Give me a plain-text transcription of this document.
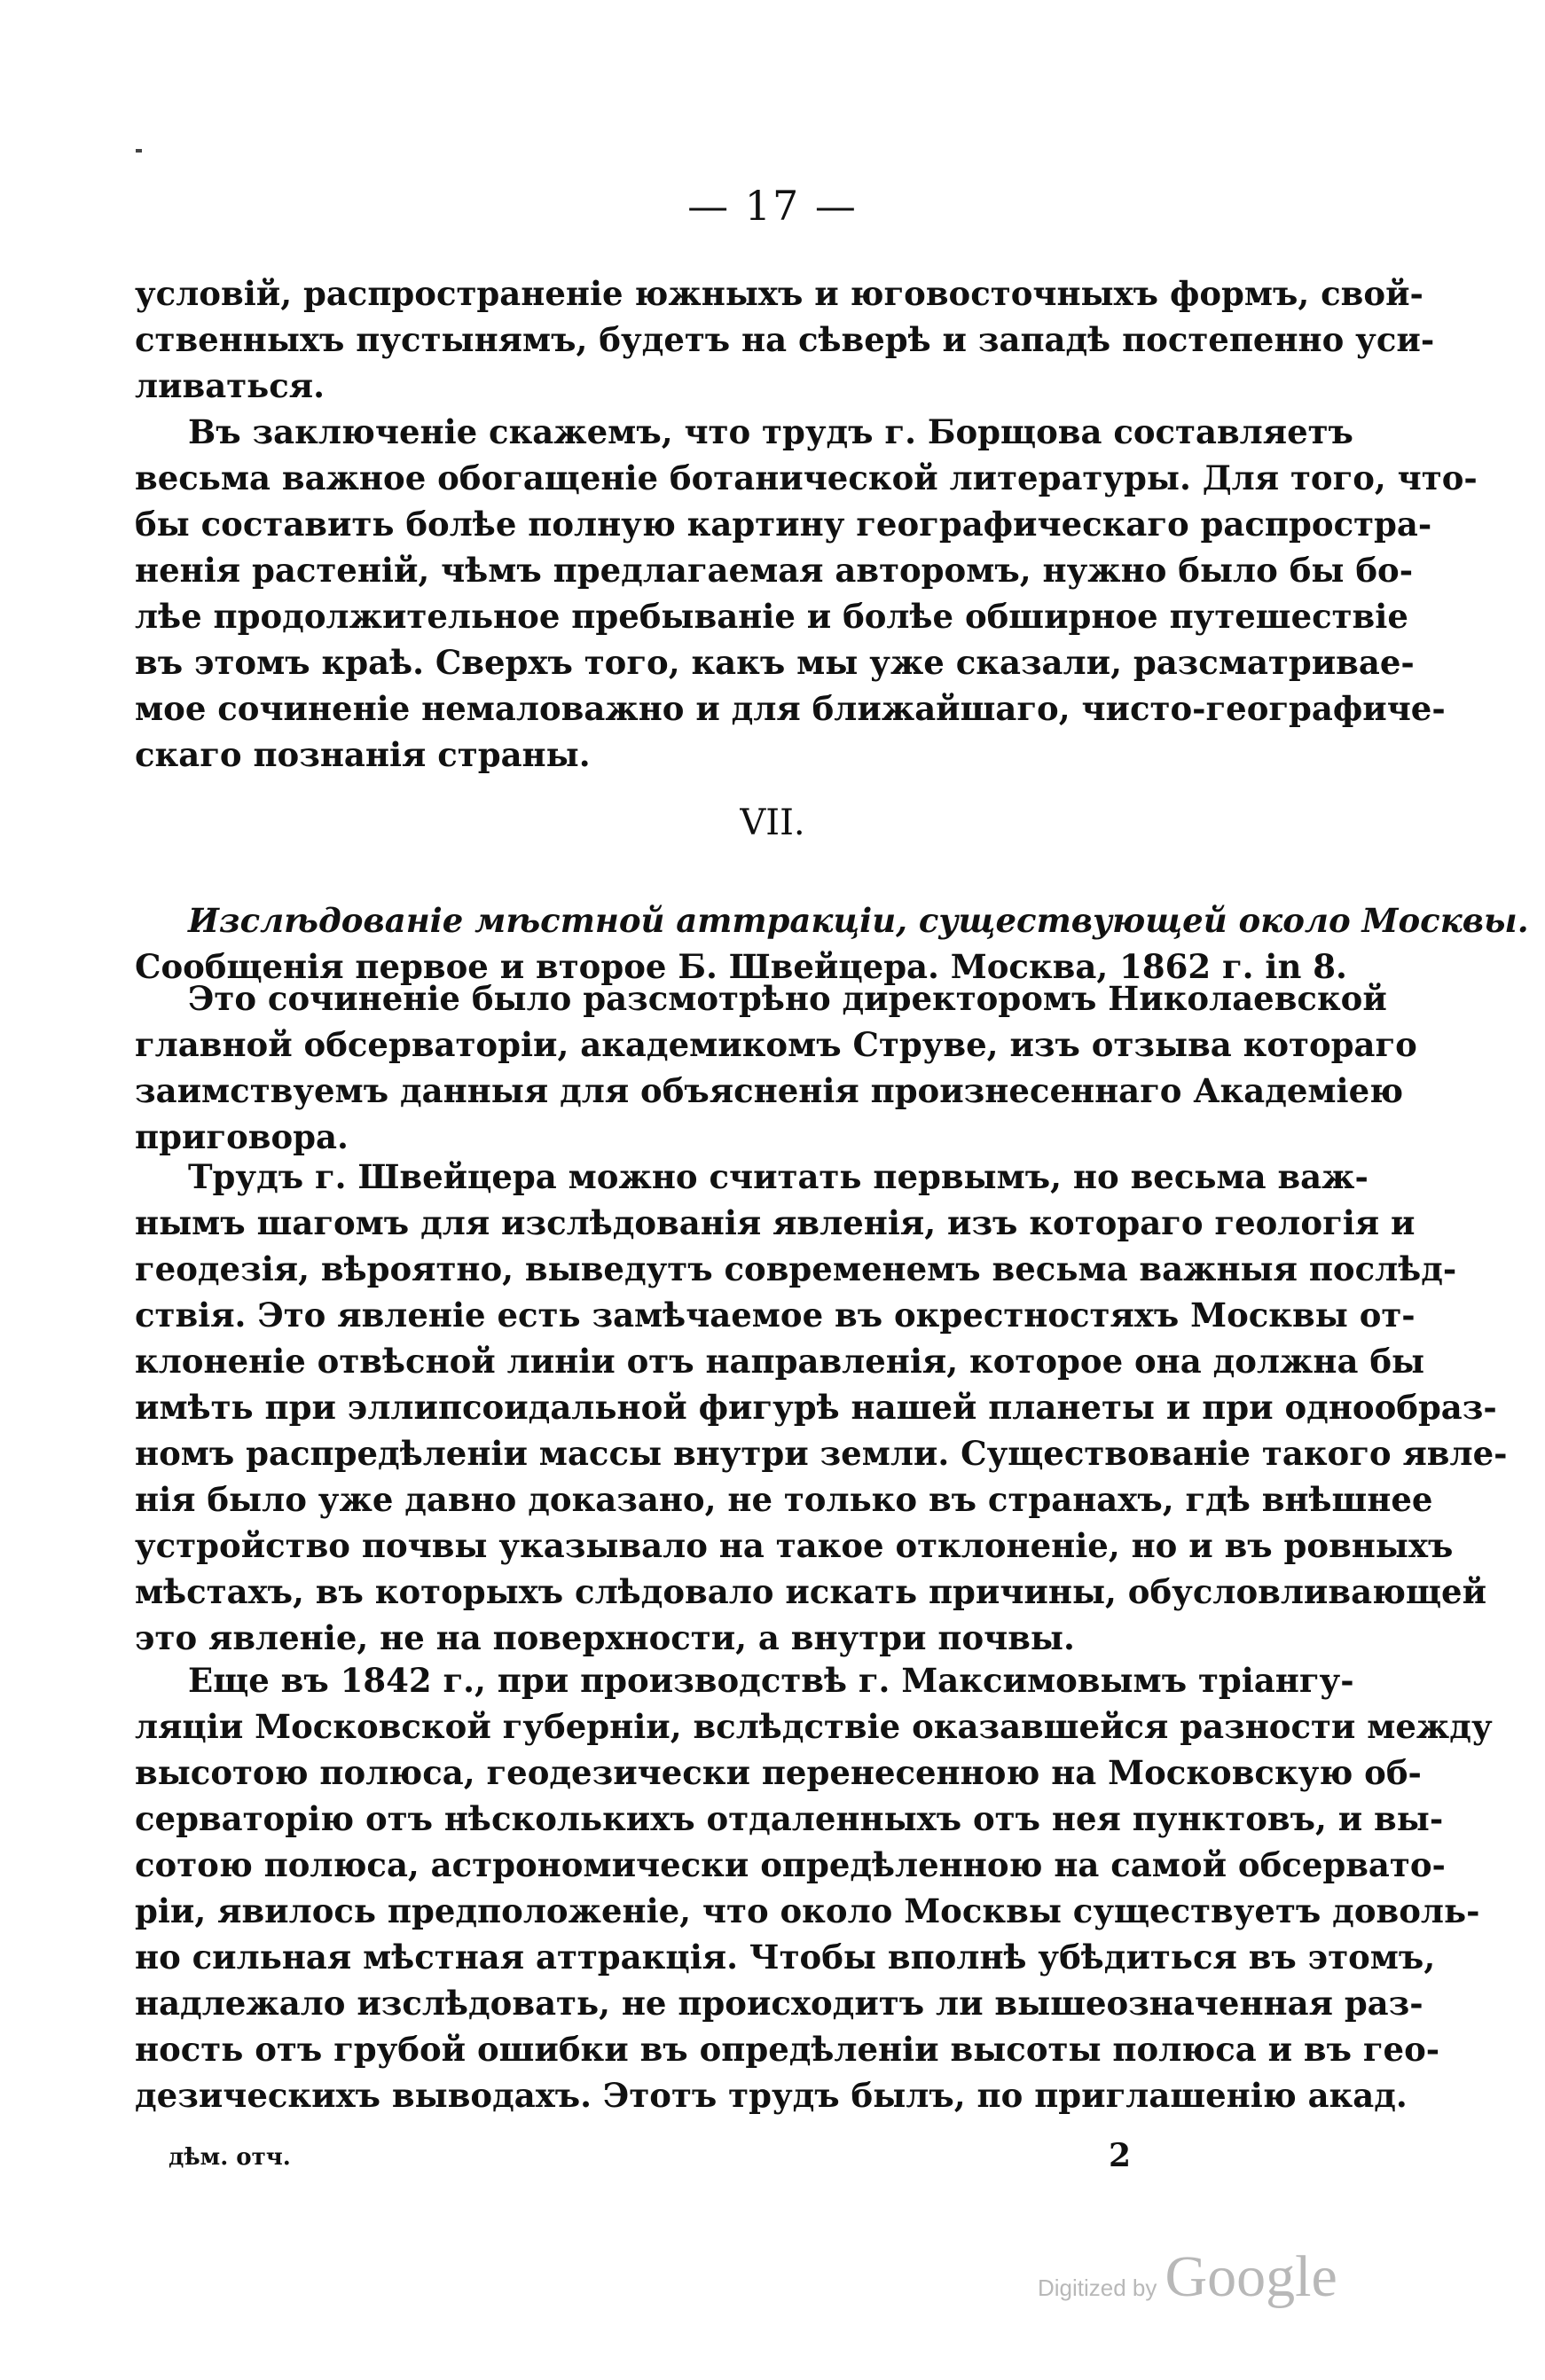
— 17 —
условій, распространеніе южныхъ и юговосточныхъ формъ, свой-
ственныхъ пустынямъ, будетъ на сѣверѣ и западѣ постепенно уси-
ливаться.
Въ заключеніе скажемъ, что трудъ г. Борщова составляетъ
весьма важное обогащеніе ботанической литературы. Для того, что-
бы составить болѣе полную картину географическаго распростра-
ненія растеній, чѣмъ предлагаемая авторомъ, нужно было бы бо-
лѣе продолжительное пребываніе и болѣе обширное путешествіе
въ этомъ краѣ. Сверхъ того, какъ мы уже сказали, разсматривае-
мое сочиненіе немаловажно и для ближайшаго, чисто-географиче-
скаго познанія страны.
VII.
Изслѣдованіе мѣстной аттракціи, существующей около Москвы.
Сообщенія первое и второе Б. Швейцера. Москва, 1862 г. in 8.
Это сочиненіе было разсмотрѣно директоромъ Николаевской
главной обсерваторіи, академикомъ Струве, изъ отзыва котораго
заимствуемъ данныя для объясненія произнесеннаго Академіею
приговора.
Трудъ г. Швейцера можно считать первымъ, но весьма важ-
нымъ шагомъ для изслѣдованія явленія, изъ котораго геологія и
геодезія, вѣроятно, выведутъ современемъ весьма важныя послѣд-
ствія. Это явленіе есть замѣчаемое въ окрестностяхъ Москвы от-
клоненіе отвѣсной линіи отъ направленія, которое она должна бы
имѣть при эллипсоидальной фигурѣ нашей планеты и при однообраз-
номъ распредѣленіи массы внутри земли. Существованіе такого явле-
нія было уже давно доказано, не только въ странахъ, гдѣ внѣшнее
устройство почвы указывало на такое отклоненіе, но и въ ровныхъ
мѣстахъ, въ которыхъ слѣдовало искать причины, обусловливающей
это явленіе, не на поверхности, а внутри почвы.
Еще въ 1842 г., при производствѣ г. Максимовымъ тріангу-
ляціи Московской губерніи, вслѣдствіе оказавшейся разности между
высотою полюса, геодезически перенесенною на Московскую об-
серваторію отъ нѣсколькихъ отдаленныхъ отъ нея пунктовъ, и вы-
сотою полюса, астрономически опредѣленною на самой обсервато-
ріи, явилось предположеніе, что около Москвы существуетъ доволь-
но сильная мѣстная аттракція. Чтобы вполнѣ убѣдиться въ этомъ,
надлежало изслѣдовать, не происходитъ ли вышеозначенная раз-
ность отъ грубой ошибки въ опредѣленіи высоты полюса и въ гео-
дезическихъ выводахъ. Этотъ трудъ былъ, по приглашенію акад.
дѣм. отч.	2
Digitized by Google
